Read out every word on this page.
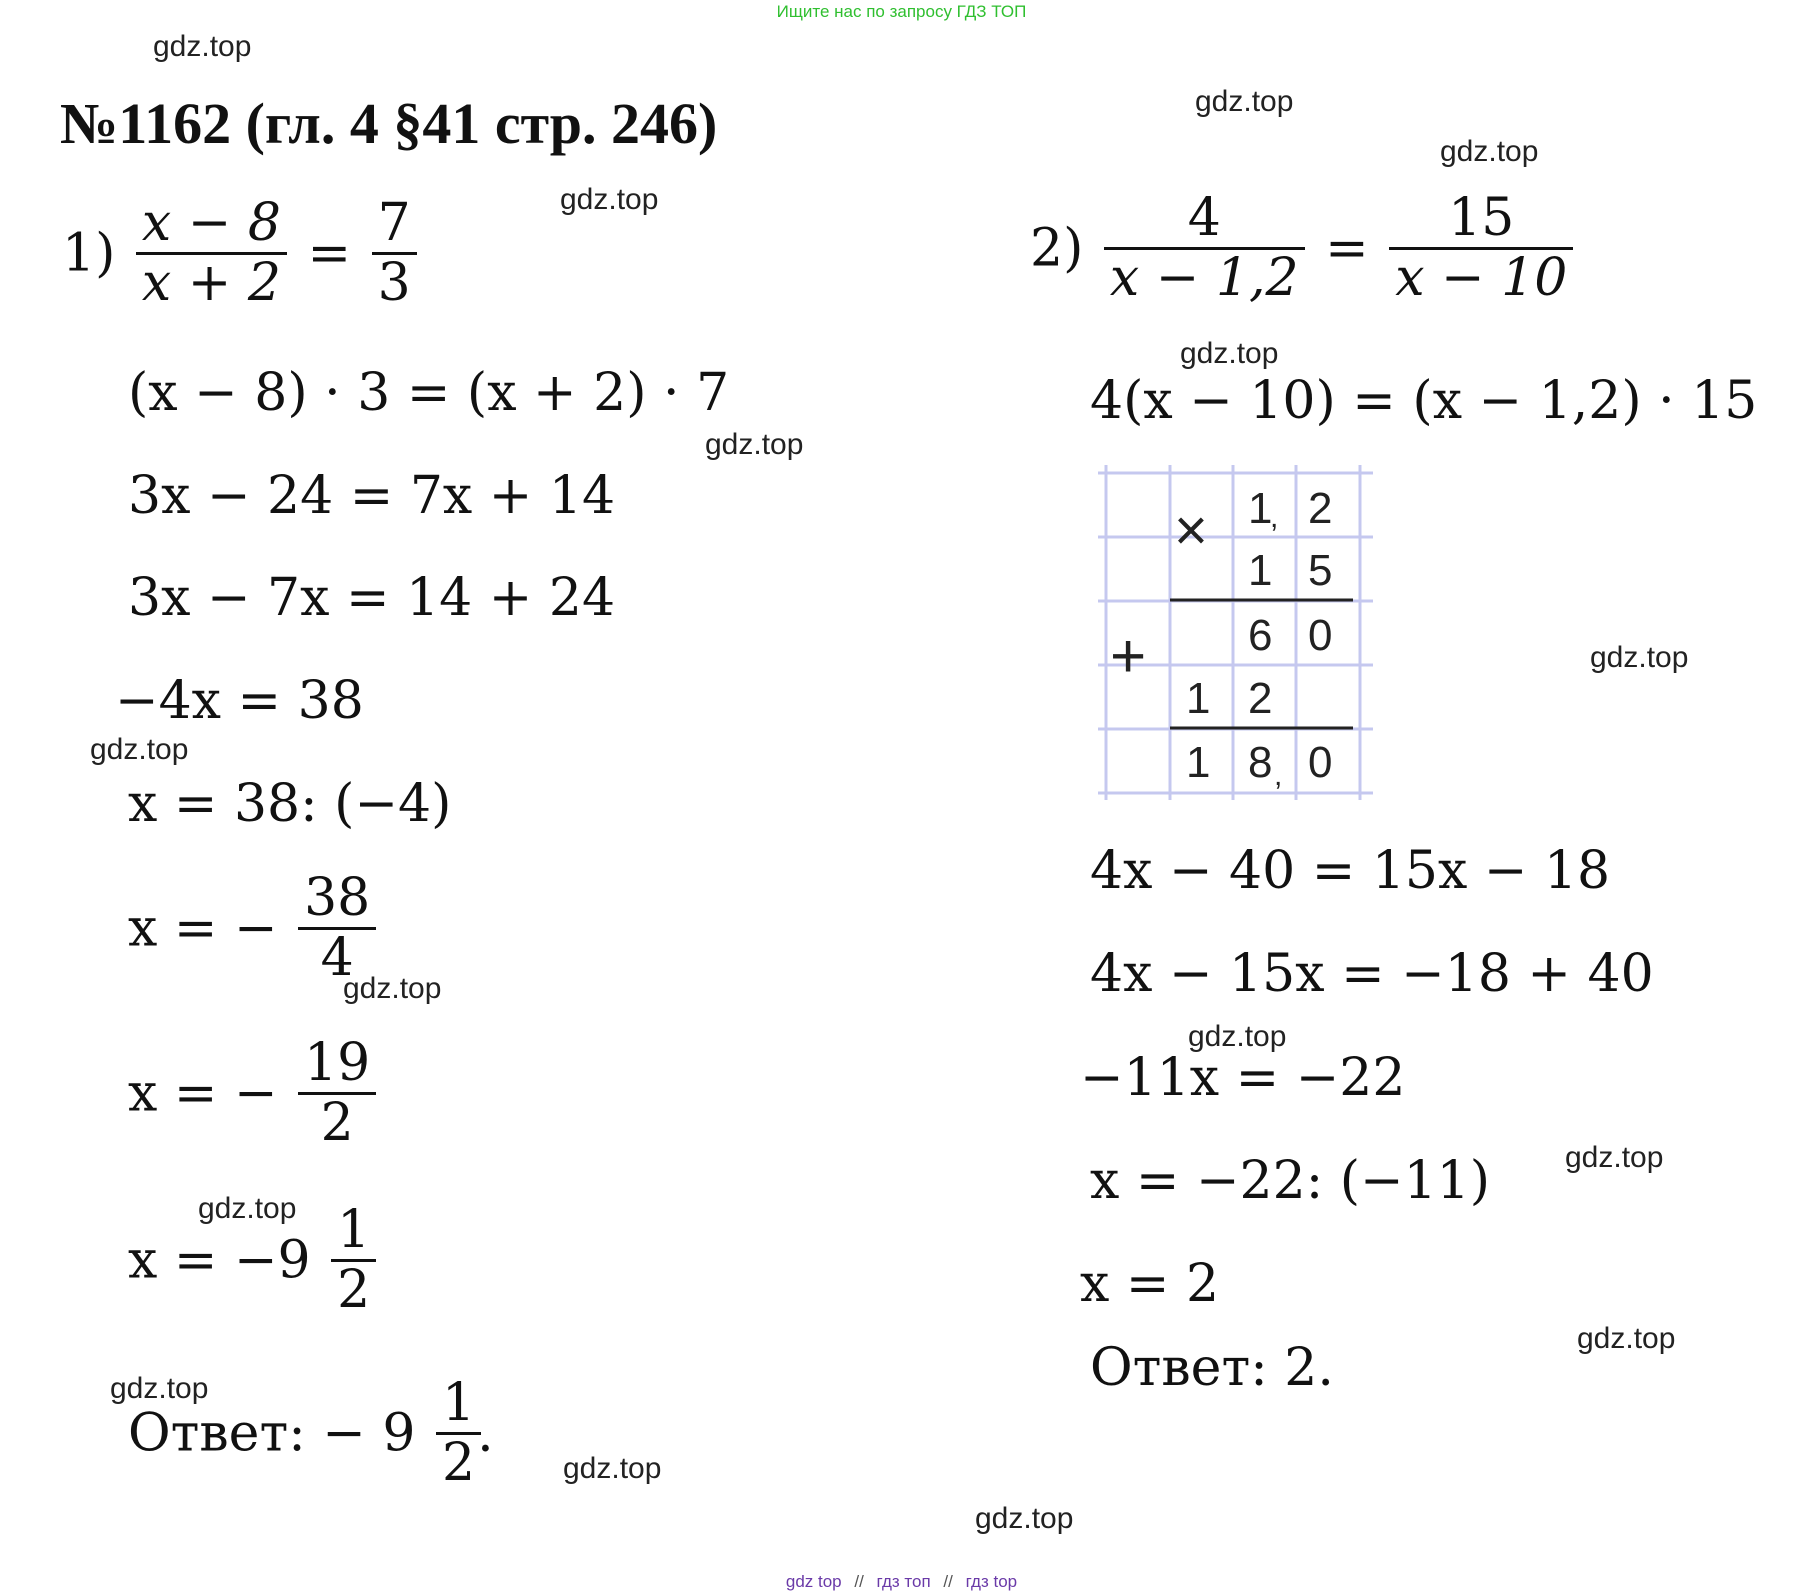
Ищите нас по запросу ГДЗ ТОП
gdz.top
gdz.top
gdz.top
gdz.top
gdz.top
gdz.top
gdz.top
gdz.top
gdz.top
gdz.top
gdz.top
gdz.top
gdz.top
gdz.top
gdz.top
gdz.top
№1162 (гл. 4 §41 стр. 246)
$1) \frac{x - 8}{x + 2} = \frac{7}{3}$
(x − 8) · 3 = (x + 2) · 7
3x − 24 = 7x + 14
3x − 7x = 14 + 24
−4x = 38
x = 38: (−4)
x = − $\frac{38}{4}$
x = − $\frac{19}{2}$
$x = -9 \frac{1}{2}$
Ответ: − $9 \frac{1}{2}$
.
$2) \frac{4}{x - 1,2} = \frac{15}{x - 10}$
4(x − 10) = (x − 1,2) · 15
×
+
1
, 2
1 5
6 0
1 2
1 8 , 0
4x − 40 = 15x − 18
4x − 15x = −18 + 40
−11x = −22
x = −22: (−11)
x = 2
Ответ: 2.
gdz top // гдз топ // гдз top
